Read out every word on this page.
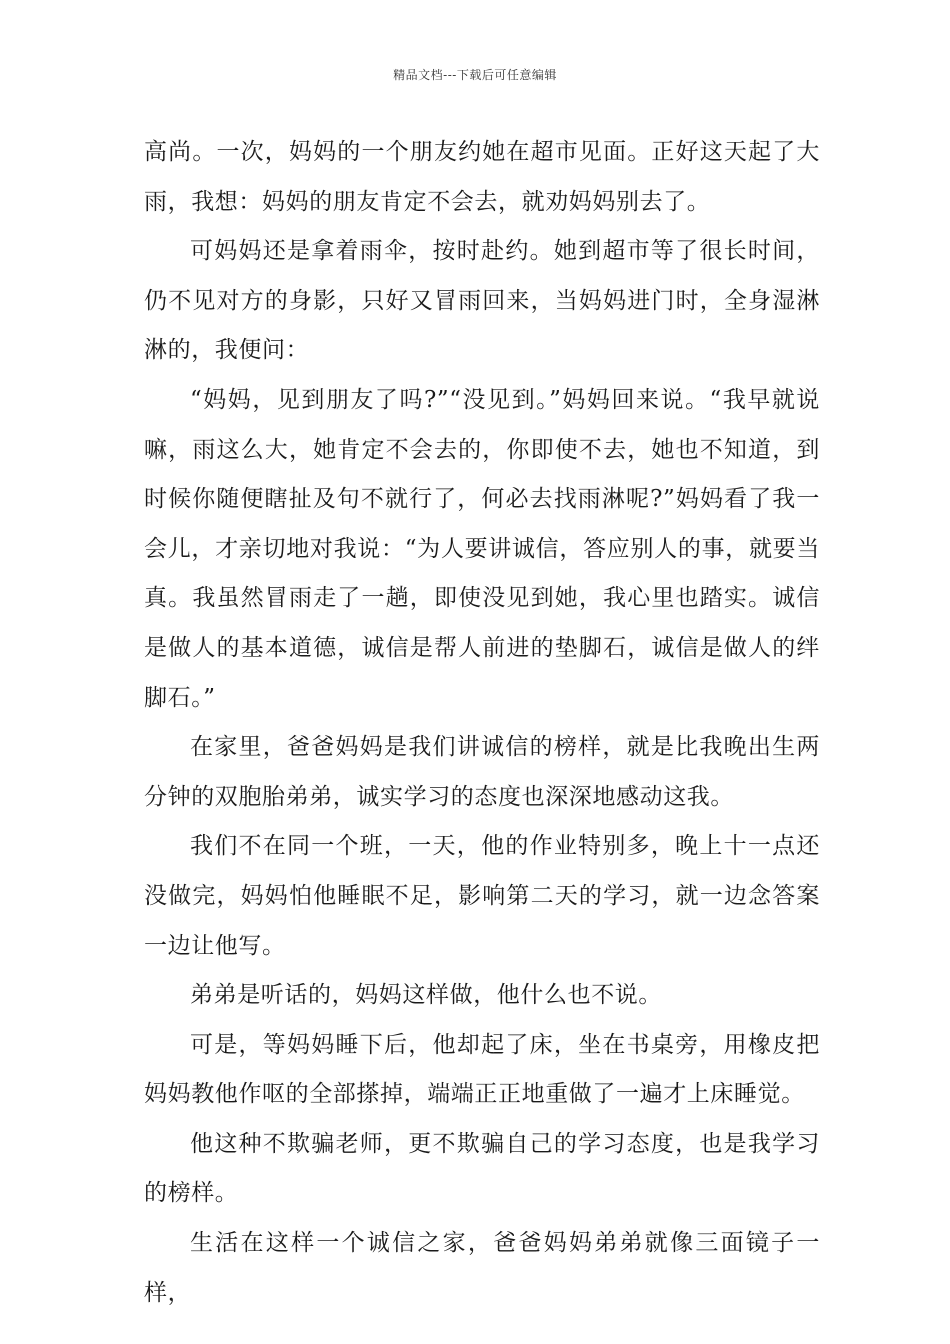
精品文档---下载后可任意编辑

高尚。一次，妈妈的一个朋友约她在超市见面。正好这天起了大雨，我想：妈妈的朋友肯定不会去，就劝妈妈别去了。

可妈妈还是拿着雨伞，按时赴约。她到超市等了很长时间，仍不见对方的身影，只好又冒雨回来，当妈妈进门时，全身湿淋淋的，我便问：

“妈妈，见到朋友了吗?”“没见到。”妈妈回来说。“我早就说嘛，雨这么大，她肯定不会去的，你即使不去，她也不知道，到时候你随便瞎扯及句不就行了，何必去找雨淋呢?”妈妈看了我一会儿，才亲切地对我说：“为人要讲诚信，答应别人的事，就要当真。我虽然冒雨走了一趟，即使没见到她，我心里也踏实。诚信是做人的基本道德，诚信是帮人前进的垫脚石，诚信是做人的绊脚石。”

在家里，爸爸妈妈是我们讲诚信的榜样，就是比我晚出生两分钟的双胞胎弟弟，诚实学习的态度也深深地感动这我。

我们不在同一个班，一天，他的作业特别多，晚上十一点还没做完，妈妈怕他睡眠不足，影响第二天的学习，就一边念答案一边让他写。

弟弟是听话的，妈妈这样做，他什么也不说。

可是，等妈妈睡下后，他却起了床，坐在书桌旁，用橡皮把妈妈教他作呕的全部搽掉，端端正正地重做了一遍才上床睡觉。

他这种不欺骗老师，更不欺骗自己的学习态度，也是我学习的榜样。

生活在这样一个诚信之家，爸爸妈妈弟弟就像三面镜子一样，
